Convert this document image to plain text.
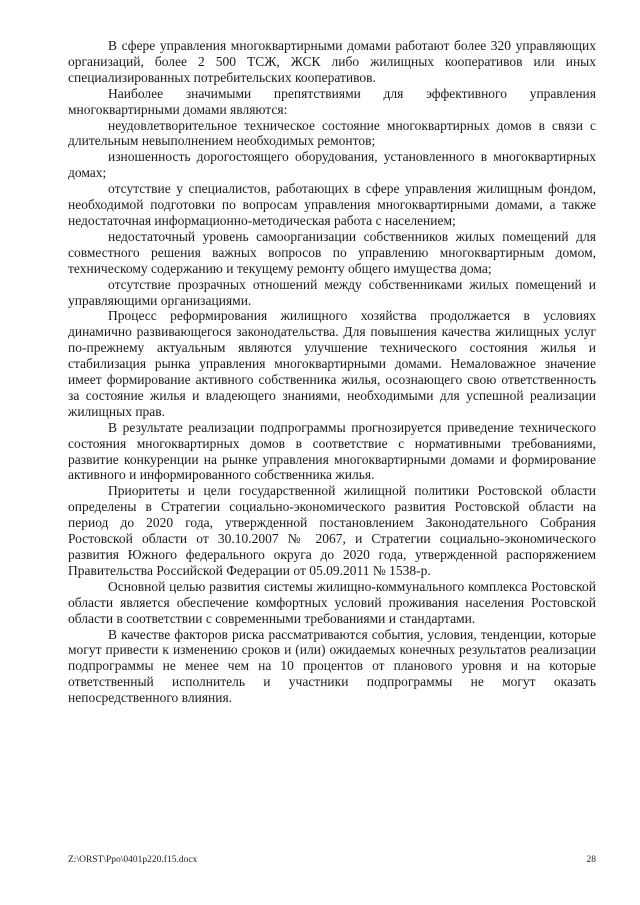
В сфере управления многоквартирными домами работают более 320 управляющих организаций, более 2 500 ТСЖ, ЖСК либо жилищных кооперативов или иных специализированных потребительских кооперативов.

Наиболее значимыми препятствиями для эффективного управления многоквартирными домами являются:

неудовлетворительное техническое состояние многоквартирных домов в связи с длительным невыполнением необходимых ремонтов;

изношенность дорогостоящего оборудования, установленного в многоквартирных домах;

отсутствие у специалистов, работающих в сфере управления жилищным фондом, необходимой подготовки по вопросам управления многоквартирными домами, а также недостаточная информационно-методическая работа с населением;

недостаточный уровень самоорганизации собственников жилых помещений для совместного решения важных вопросов по управлению многоквартирным домом, техническому содержанию и текущему ремонту общего имущества дома;

отсутствие прозрачных отношений между собственниками жилых помещений и управляющими организациями.

Процесс реформирования жилищного хозяйства продолжается в условиях динамично развивающегося законодательства. Для повышения качества жилищных услуг по-прежнему актуальным являются улучшение технического состояния жилья и стабилизация рынка управления многоквартирными домами. Немаловажное значение имеет формирование активного собственника жилья, осознающего свою ответственность за состояние жилья и владеющего знаниями, необходимыми для успешной реализации жилищных прав.

В результате реализации подпрограммы прогнозируется приведение технического состояния многоквартирных домов в соответствие с нормативными требованиями, развитие конкуренции на рынке управления многоквартирными домами и формирование активного и информированного собственника жилья.

Приоритеты и цели государственной жилищной политики Ростовской области определены в Стратегии социально-экономического развития Ростовской области на период до 2020 года, утвержденной постановлением Законодательного Собрания Ростовской области от 30.10.2007 № 2067, и Стратегии социально-экономического развития Южного федерального округа до 2020 года, утвержденной распоряжением Правительства Российской Федерации от 05.09.2011 № 1538-р.

Основной целью развития системы жилищно-коммунального комплекса Ростовской области является обеспечение комфортных условий проживания населения Ростовской области в соответствии с современными требованиями и стандартами.

В качестве факторов риска рассматриваются события, условия, тенденции, которые могут привести к изменению сроков и (или) ожидаемых конечных результатов реализации подпрограммы не менее чем на 10 процентов от планового уровня и на которые ответственный исполнитель и участники подпрограммы не могут оказать непосредственного влияния.

Z:\ORST\Ppo\0401p220.f15.docx	28
